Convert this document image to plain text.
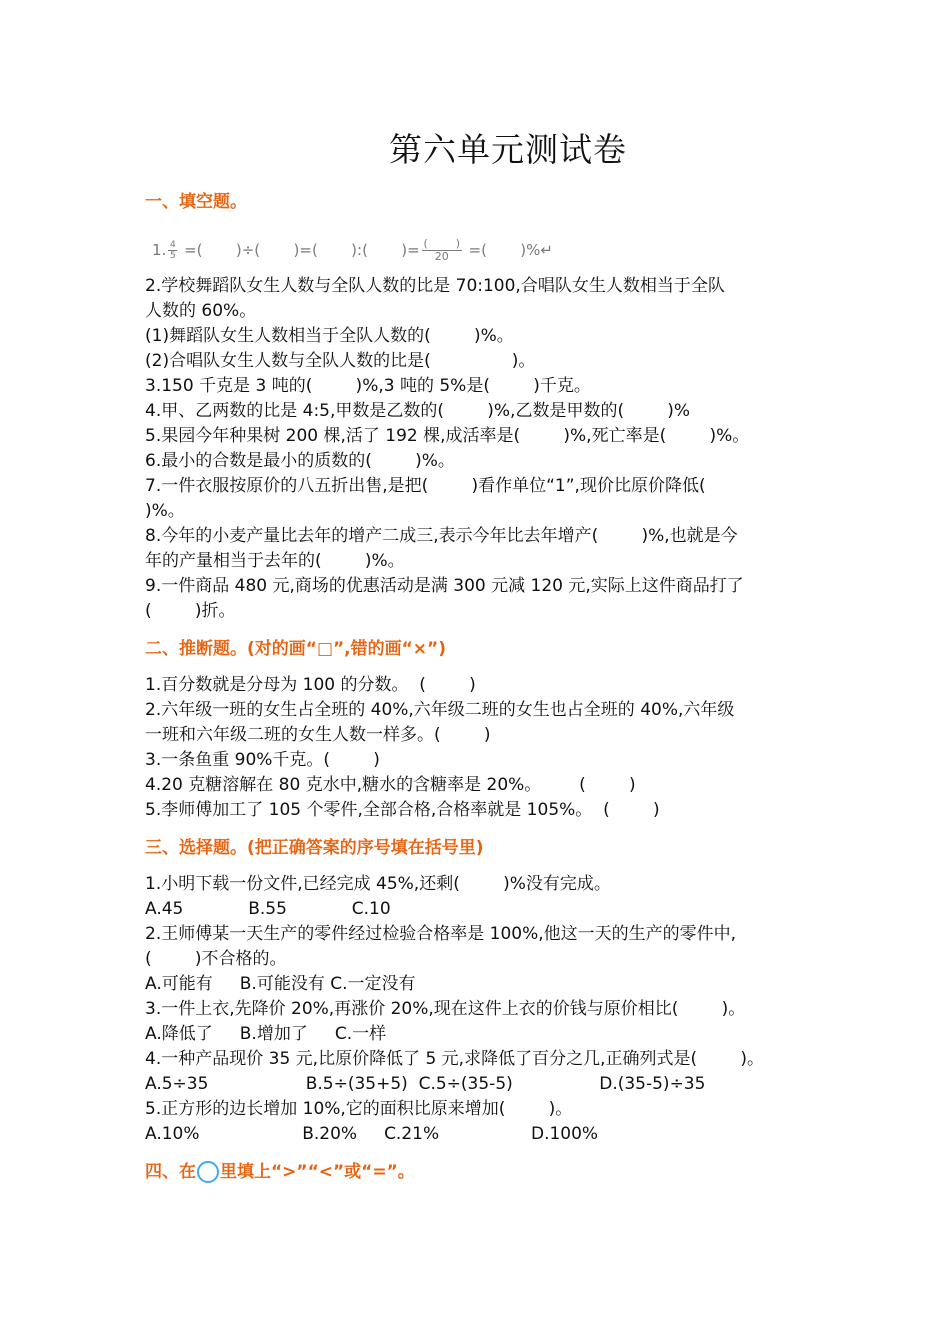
第六单元测试卷
一、填空题。
1. $\frac{4}{5}$ =(       )÷(       )=(       ):(       )= (        )
20 =(       )%↵
2.学校舞蹈队女生人数与全队人数的比是 70:100,合唱队女生人数相当于全队
人数的 60%。
(1)舞蹈队女生人数相当于全队人数的(        )%。
(2)合唱队女生人数与全队人数的比是(               )。
3.150 千克是 3 吨的(        )%,3 吨的 5%是(        )千克。
4.甲、乙两数的比是 4:5,甲数是乙数的(        )%,乙数是甲数的(        )%
5.果园今年种果树 200 棵,活了 192 棵,成活率是(        )%,死亡率是(        )%。
6.最小的合数是最小的质数的(        )%。
7.一件衣服按原价的八五折出售,是把(        )看作单位“1”,现价比原价降低(
)%。
8.今年的小麦产量比去年的增产二成三,表示今年比去年增产(        )%,也就是今
年的产量相当于去年的(        )%。
9.一件商品 480 元,商场的优惠活动是满 300 元减 120 元,实际上这件商品打了
(        )折。
二、推断题。(对的画“□”,错的画“×”)
1.百分数就是分母为 100 的分数。  (        )
2.六年级一班的女生占全班的 40%,六年级二班的女生也占全班的 40%,六年级
一班和六年级二班的女生人数一样多。(        )
3.一条鱼重 90%千克。(        )
4.20 克糖溶解在 80 克水中,糖水的含糖率是 20%。       (        )
5.李师傅加工了 105 个零件,全部合格,合格率就是 105%。  (        )
三、选择题。(把正确答案的序号填在括号里)
1.小明下载一份文件,已经完成 45%,还剩(        )%没有完成。
A.45            B.55            C.10
2.王师傅某一天生产的零件经过检验合格率是 100%,他这一天的生产的零件中,
(        )不合格的。
A.可能有     B.可能没有 C.一定没有
3.一件上衣,先降价 20%,再涨价 20%,现在这件上衣的价钱与原价相比(        )。
A.降低了     B.增加了     C.一样
4.一种产品现价 35 元,比原价降低了 5 元,求降低了百分之几,正确列式是(        )。
A.5÷35                  B.5÷(35+5)  C.5÷(35-5)                D.(35-5)÷35
5.正方形的边长增加 10%,它的面积比原来增加(        )。
A.10%                   B.20%     C.21%                 D.100%
四、在 里填上“>”“<”或“=”。
